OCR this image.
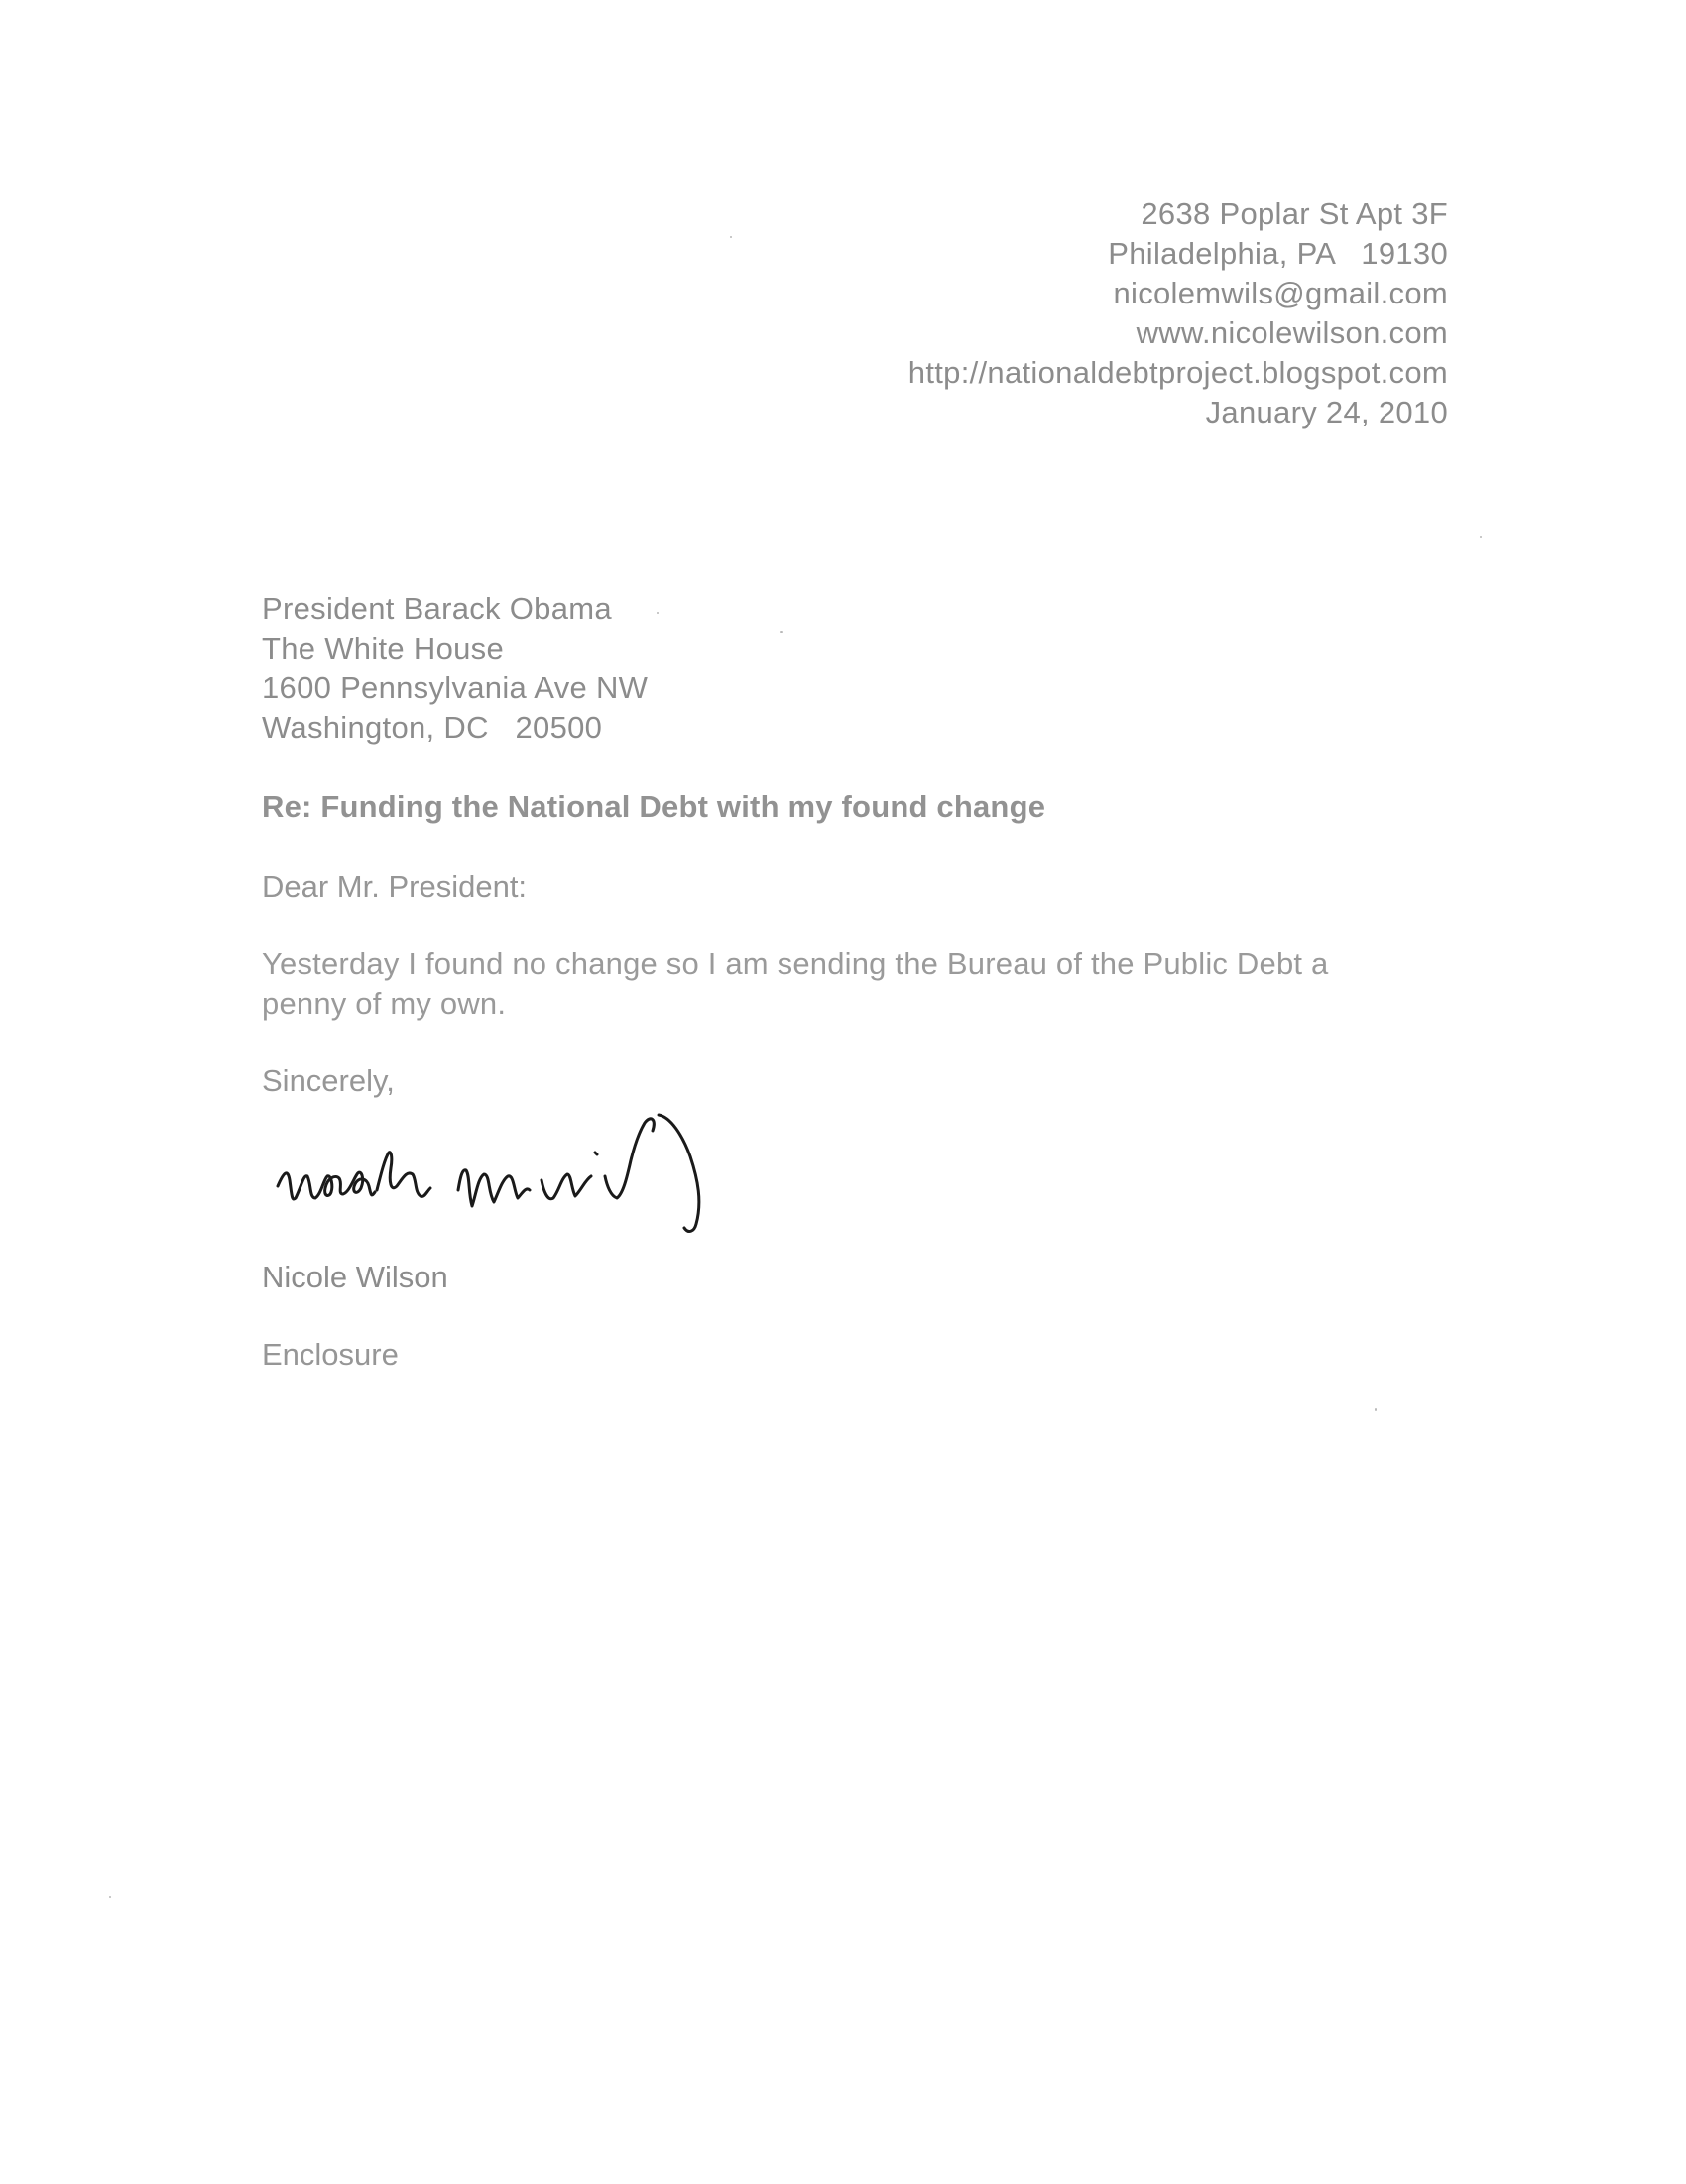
2638 Poplar St Apt 3F
Philadelphia, PA   19130
nicolemwils@gmail.com
www.nicolewilson.com
http://nationaldebtproject.blogspot.com
January 24, 2010
President Barack Obama
The White House
1600 Pennsylvania Ave NW
Washington, DC   20500
Re: Funding the National Debt with my found change
Dear Mr. President:
Yesterday I found no change so I am sending the Bureau of the Public Debt a penny of my own.
Sincerely,
Nicole Wilson
Enclosure
